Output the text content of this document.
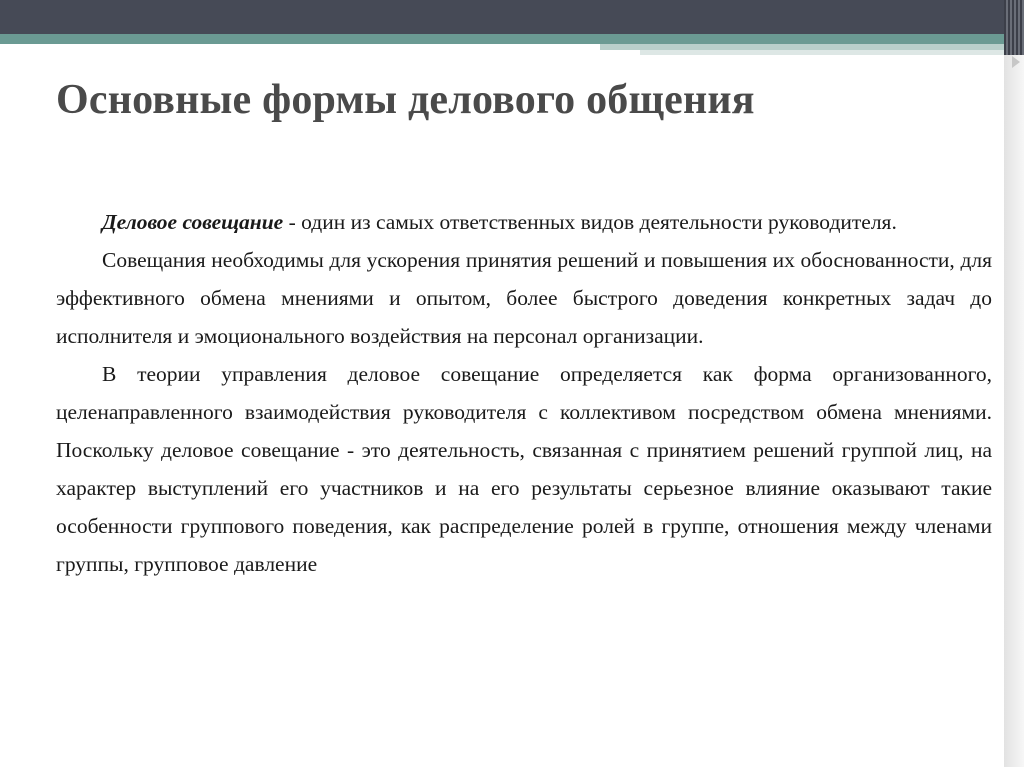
Основные формы делового общения

Деловое совещание - один из самых ответственных видов деятельности руководителя.

Совещания необходимы для ускорения принятия решений и повышения их обоснованности, для эффективного обмена мнениями и опытом, более быстрого доведения конкретных задач до исполнителя и эмоционального воздействия на персонал организации.

В теории управления деловое совещание определяется как форма организованного, целенаправленного взаимодействия руководителя с коллективом посредством обмена мнениями. Поскольку деловое совещание - это деятельность, связанная с принятием решений группой лиц, на характер выступлений его участников и на его результаты серьезное влияние оказывают такие особенности группового поведения, как распределение ролей в группе, отношения между членами группы, групповое давление
